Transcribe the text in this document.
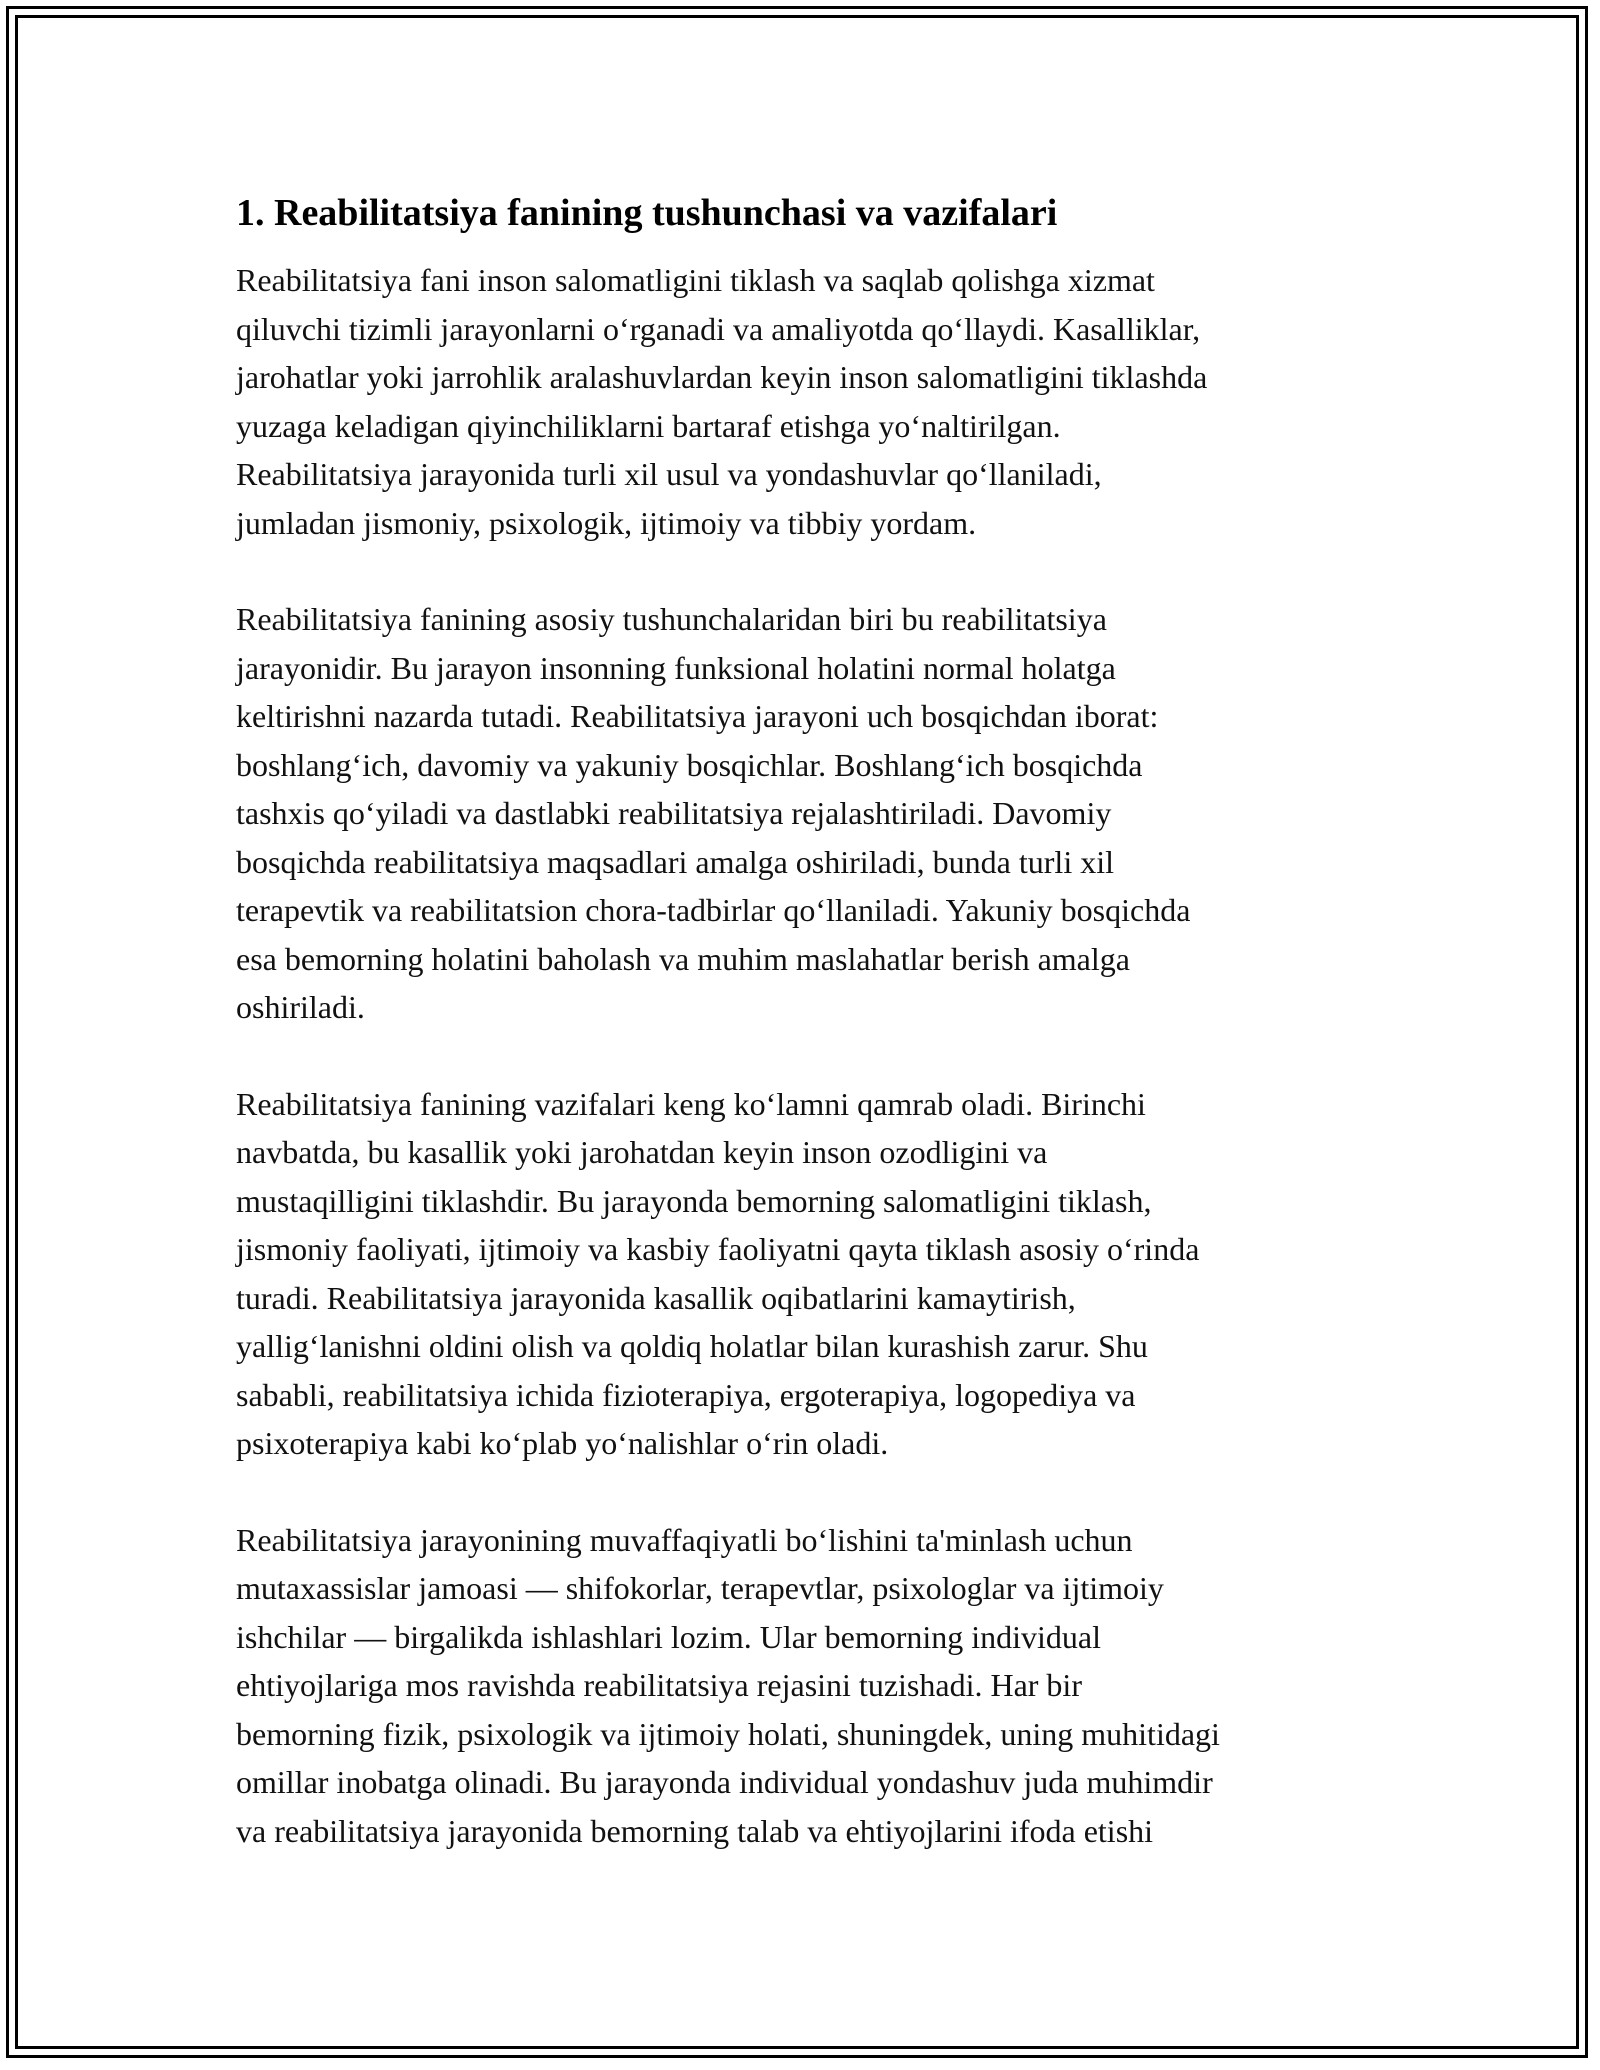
1. Reabilitatsiya fanining tushunchasi va vazifalari

Reabilitatsiya fani inson salomatligini tiklash va saqlab qolishga xizmat
qiluvchi tizimli jarayonlarni o‘rganadi va amaliyotda qo‘llaydi. Kasalliklar,
jarohatlar yoki jarrohlik aralashuvlardan keyin inson salomatligini tiklashda
yuzaga keladigan qiyinchiliklarni bartaraf etishga yo‘naltirilgan.
Reabilitatsiya jarayonida turli xil usul va yondashuvlar qo‘llaniladi,
jumladan jismoniy, psixologik, ijtimoiy va tibbiy yordam.

Reabilitatsiya fanining asosiy tushunchalaridan biri bu reabilitatsiya
jarayonidir. Bu jarayon insonning funksional holatini normal holatga
keltirishni nazarda tutadi. Reabilitatsiya jarayoni uch bosqichdan iborat:
boshlang‘ich, davomiy va yakuniy bosqichlar. Boshlang‘ich bosqichda
tashxis qo‘yiladi va dastlabki reabilitatsiya rejalashtiriladi. Davomiy
bosqichda reabilitatsiya maqsadlari amalga oshiriladi, bunda turli xil
terapevtik va reabilitatsion chora-tadbirlar qo‘llaniladi. Yakuniy bosqichda
esa bemorning holatini baholash va muhim maslahatlar berish amalga
oshiriladi.

Reabilitatsiya fanining vazifalari keng ko‘lamni qamrab oladi. Birinchi
navbatda, bu kasallik yoki jarohatdan keyin inson ozodligini va
mustaqilligini tiklashdir. Bu jarayonda bemorning salomatligini tiklash,
jismoniy faoliyati, ijtimoiy va kasbiy faoliyatni qayta tiklash asosiy o‘rinda
turadi. Reabilitatsiya jarayonida kasallik oqibatlarini kamaytirish,
yallig‘lanishni oldini olish va qoldiq holatlar bilan kurashish zarur. Shu
sababli, reabilitatsiya ichida fizioterapiya, ergoterapiya, logopediya va
psixoterapiya kabi ko‘plab yo‘nalishlar o‘rin oladi.

Reabilitatsiya jarayonining muvaffaqiyatli bo‘lishini ta'minlash uchun
mutaxassislar jamoasi — shifokorlar, terapevtlar, psixologlar va ijtimoiy
ishchilar — birgalikda ishlashlari lozim. Ular bemorning individual
ehtiyojlariga mos ravishda reabilitatsiya rejasini tuzishadi. Har bir
bemorning fizik, psixologik va ijtimoiy holati, shuningdek, uning muhitidagi
omillar inobatga olinadi. Bu jarayonda individual yondashuv juda muhimdir
va reabilitatsiya jarayonida bemorning talab va ehtiyojlarini ifoda etishi
